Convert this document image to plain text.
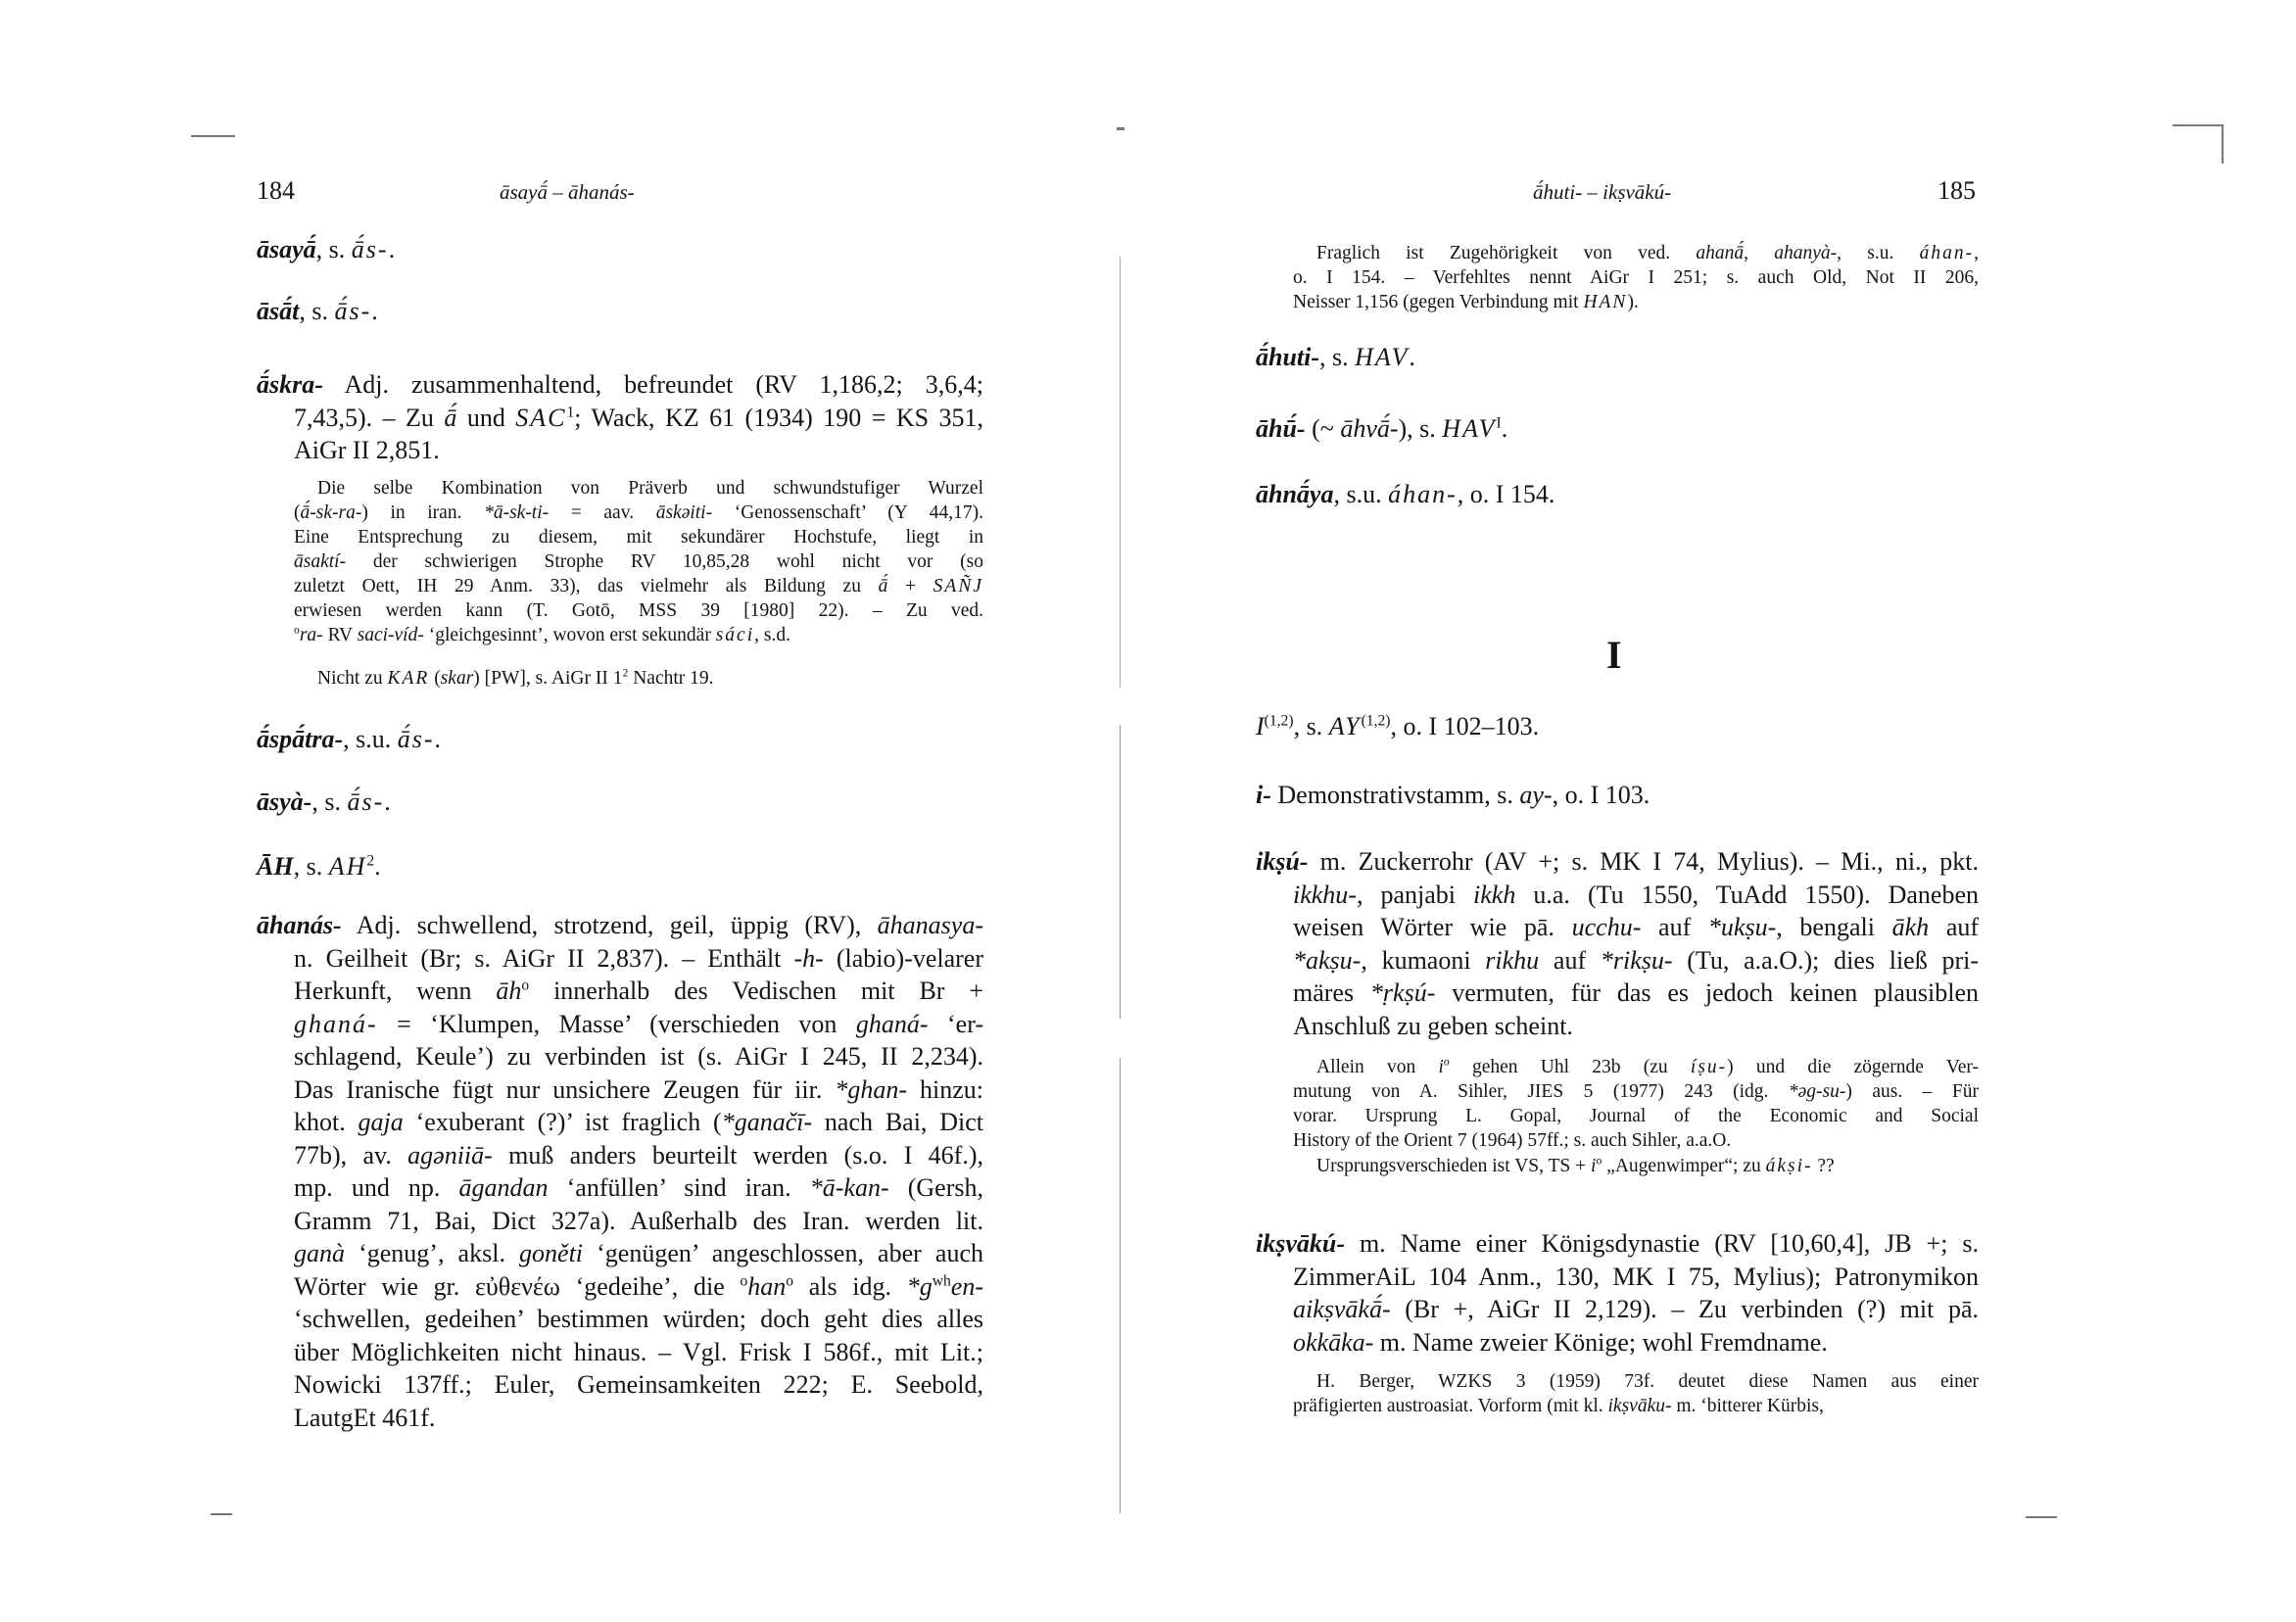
184	āsayā́ – āhanás-
āsayā́, s. ā́s-.
āsā́t, s. ā́s-.
ā́skra- Adj. zusammenhaltend, befreundet (RV 1,186,2; 3,6,4;
7,43,5). – Zu ā́ und SAC$^1$; Wack, KZ 61 (1934) 190 = KS 351,
AiGr II 2,851.
Die selbe Kombination von Präverb und schwundstufiger Wurzel
(ā́-sk-ra-) in iran. *ā-sk-ti- = aav. āskəiti- ‘Genossenschaft’ (Y 44,17).
Eine Entsprechung zu diesem, mit sekundärer Hochstufe, liegt in
āsaktí- der schwierigen Strophe RV 10,85,28 wohl nicht vor (so
zuletzt Oett, IH 29 Anm. 33), das vielmehr als Bildung zu ā́ + SAÑJ
erwiesen werden kann (T. Gotō, MSS 39 [1980] 22). – Zu ved.
$^o$ra- RV saci-víd- ‘gleichgesinnt’, wovon erst sekundär sáci, s.d.
Nicht zu KAR (skar) [PW], s. AiGr II $1^2$ Nachtr 19.
ā́spā́tra-, s.u. ā́s-.
āsyà-, s. ā́s-.
ĀH, s. $AH^2$.
āhanás- Adj. schwellend, strotzend, geil, üppig (RV), āhanasya-
n. Geilheit (Br; s. AiGr II 2,837). – Enthält -h- (labio)-velarer
Herkunft, wenn $āh^o$ innerhalb des Vedischen mit Br +
ghaná- = ‘Klumpen, Masse’ (verschieden von ghaná- ‘er-
schlagend, Keule’) zu verbinden ist (s. AiGr I 245, II 2,234).
Das Iranische fügt nur unsichere Zeugen für iir. *ghan- hinzu:
khot. gaja ‘exuberant (?)’ ist fraglich (*ganačī- nach Bai, Dict
77b), av. agəniiā- muß anders beurteilt werden (s.o. I 46f.),
mp. und np. āgandan ‘anfüllen’ sind iran. *ā-kan- (Gersh,
Gramm 71, Bai, Dict 327a). Außerhalb des Iran. werden lit.
ganà ‘genug’, aksl. goněti ‘genügen’ angeschlossen, aber auch
Wörter wie gr. εὐθενέω ‘gedeihe’, die $^o$han$^o$ als idg. $*g^{wh}en-$
‘schwellen, gedeihen’ bestimmen würden; doch geht dies alles
über Möglichkeiten nicht hinaus. – Vgl. Frisk I 586f., mit Lit.;
Nowicki 137ff.; Euler, Gemeinsamkeiten 222; E. Seebold,
LautgEt 461f.
ā́huti- – ikṣvākú-	185
Fraglich ist Zugehörigkeit von ved. ahanā́, ahanyà-, s.u. áhan-,
o. I 154. – Verfehltes nennt AiGr I 251; s. auch Old, Not II 206,
Neisser 1,156 (gegen Verbindung mit HAN).
ā́huti-, s. HAV.
āhū́- (~ āhvā́-), s. $HAV^I$.
āhnā́ya, s.u. áhan-, o. I 154.
I
I$^{(1,2)}$, s. AY$^{(1,2)}$, o. I 102–103.
i- Demonstrativstamm, s. ay-, o. I 103.
ikṣú- m. Zuckerrohr (AV +; s. MK I 74, Mylius). – Mi., ni., pkt.
ikkhu-, panjabi ikkh u.a. (Tu 1550, TuAdd 1550). Daneben
weisen Wörter wie pā. ucchu- auf *ukṣu-, bengali ākh auf
*akṣu-, kumaoni rikhu auf *rikṣu- (Tu, a.a.O.); dies ließ pri-
märes *ṛkṣú- vermuten, für das es jedoch keinen plausiblen
Anschluß zu geben scheint.
Allein von $i^o$ gehen Uhl 23b (zu íṣu-) und die zögernde Ver-
mutung von A. Sihler, JIES 5 (1977) 243 (idg. *əg-su-) aus. – Für
vorar. Ursprung L. Gopal, Journal of the Economic and Social
History of the Orient 7 (1964) 57ff.; s. auch Sihler, a.a.O.
Ursprungsverschieden ist VS, TS + $i^o$ „Augenwimper“; zu ákṣi- ??
ikṣvākú- m. Name einer Königsdynastie (RV [10,60,4], JB +; s.
ZimmerAiL 104 Anm., 130, MK I 75, Mylius); Patronymikon
aikṣvākā́- (Br +, AiGr II 2,129). – Zu verbinden (?) mit pā.
okkāka- m. Name zweier Könige; wohl Fremdname.
H. Berger, WZKS 3 (1959) 73f. deutet diese Namen aus einer
präfigierten austroasiat. Vorform (mit kl. ikṣvāku- m. ‘bitterer Kürbis,
